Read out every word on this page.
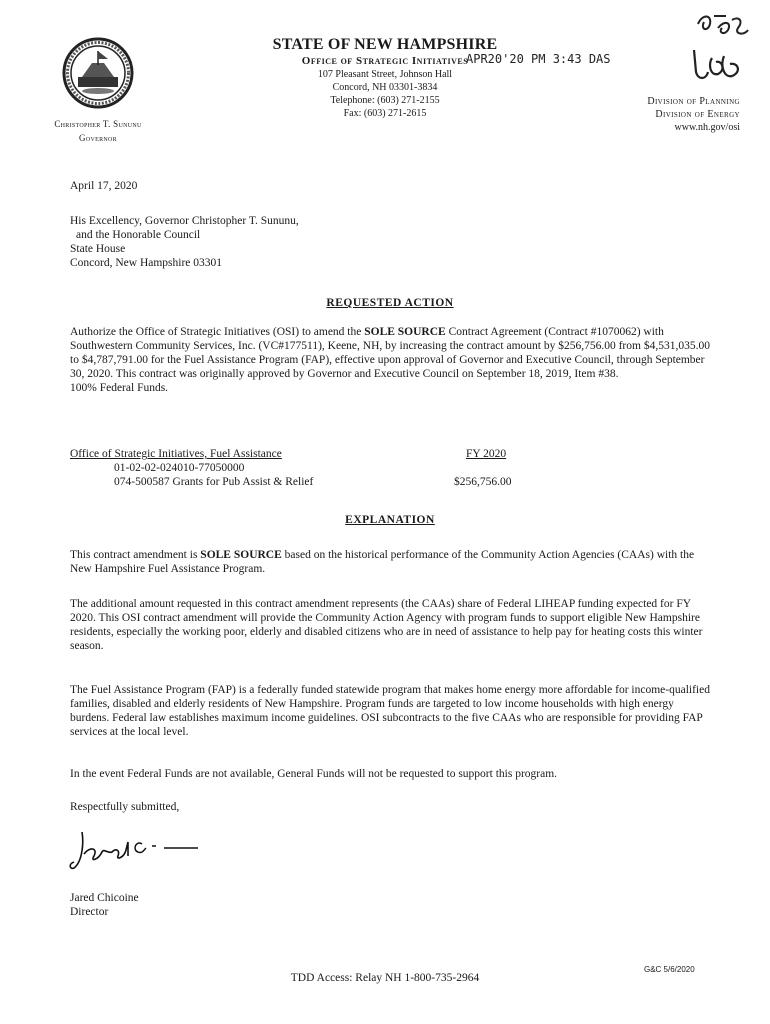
Christopher T. Sununu
Governor
STATE OF NEW HAMPSHIRE
Office of Strategic Initiatives
107 Pleasant Street, Johnson Hall
Concord, NH 03301-3834
Telephone: (603) 271-2155
Fax: (603) 271-2615
APR20'20 PM 3:43 DAS
Division of Planning
Division of Energy
www.nh.gov/osi
April 17, 2020
His Excellency, Governor Christopher T. Sununu,
and the Honorable Council
State House
Concord, New Hampshire 03301
REQUESTED ACTION
Authorize the Office of Strategic Initiatives (OSI) to amend the SOLE SOURCE Contract Agreement (Contract #1070062) with Southwestern Community Services, Inc. (VC#177511), Keene, NH, by increasing the contract amount by $256,756.00 from $4,531,035.00 to $4,787,791.00 for the Fuel Assistance Program (FAP), effective upon approval of Governor and Executive Council, through September 30, 2020. This contract was originally approved by Governor and Executive Council on September 18, 2019, Item #38.
100% Federal Funds.
Office of Strategic Initiatives, Fuel Assistance	FY 2020
01-02-02-024010-77050000
074-500587 Grants for Pub Assist & Relief	$256,756.00
EXPLANATION
This contract amendment is SOLE SOURCE based on the historical performance of the Community Action Agencies (CAAs) with the New Hampshire Fuel Assistance Program.
The additional amount requested in this contract amendment represents (the CAAs) share of Federal LIHEAP funding expected for FY 2020. This OSI contract amendment will provide the Community Action Agency with program funds to support eligible New Hampshire residents, especially the working poor, elderly and disabled citizens who are in need of assistance to help pay for heating costs this winter season.
The Fuel Assistance Program (FAP) is a federally funded statewide program that makes home energy more affordable for income-qualified families, disabled and elderly residents of New Hampshire. Program funds are targeted to low income households with high energy burdens. Federal law establishes maximum income guidelines. OSI subcontracts to the five CAAs who are responsible for providing FAP services at the local level.
In the event Federal Funds are not available, General Funds will not be requested to support this program.
Respectfully submitted,
Jared Chicoine
Director
TDD Access: Relay NH 1-800-735-2964
G&C 5/6/2020
